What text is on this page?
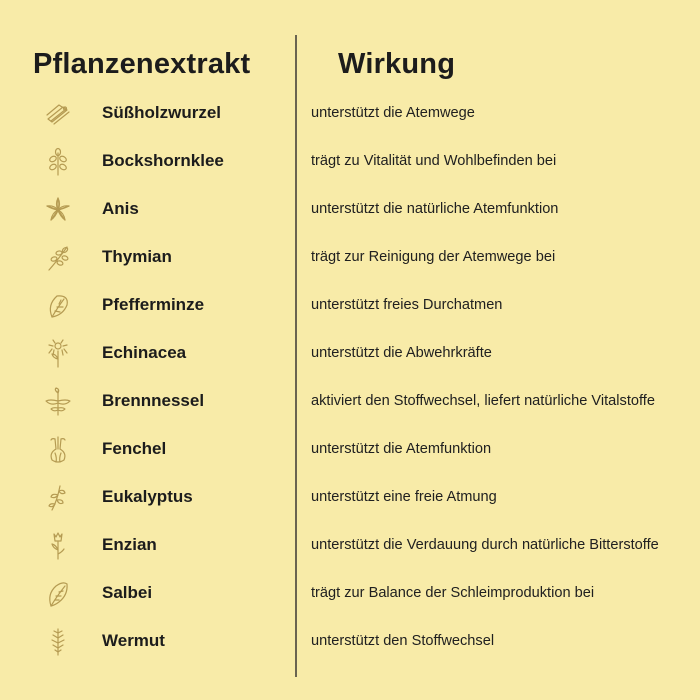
Pflanzenextrakt	Wirkung
Süßholzwurzel	unterstützt die Atemwege
Bockshornklee	trägt zu Vitalität und Wohlbefinden bei
Anis	unterstützt die natürliche Atemfunktion
Thymian	trägt zur Reinigung der Atemwege bei
Pfefferminze	unterstützt freies Durchatmen
Echinacea	unterstützt die Abwehrkräfte
Brennnessel	aktiviert den Stoffwechsel, liefert natürliche Vitalstoffe
Fenchel	unterstützt die Atemfunktion
Eukalyptus	unterstützt eine freie Atmung
Enzian	unterstützt die Verdauung durch natürliche Bitterstoffe
Salbei	trägt zur Balance der Schleimproduktion bei
Wermut	unterstützt den Stoffwechsel
